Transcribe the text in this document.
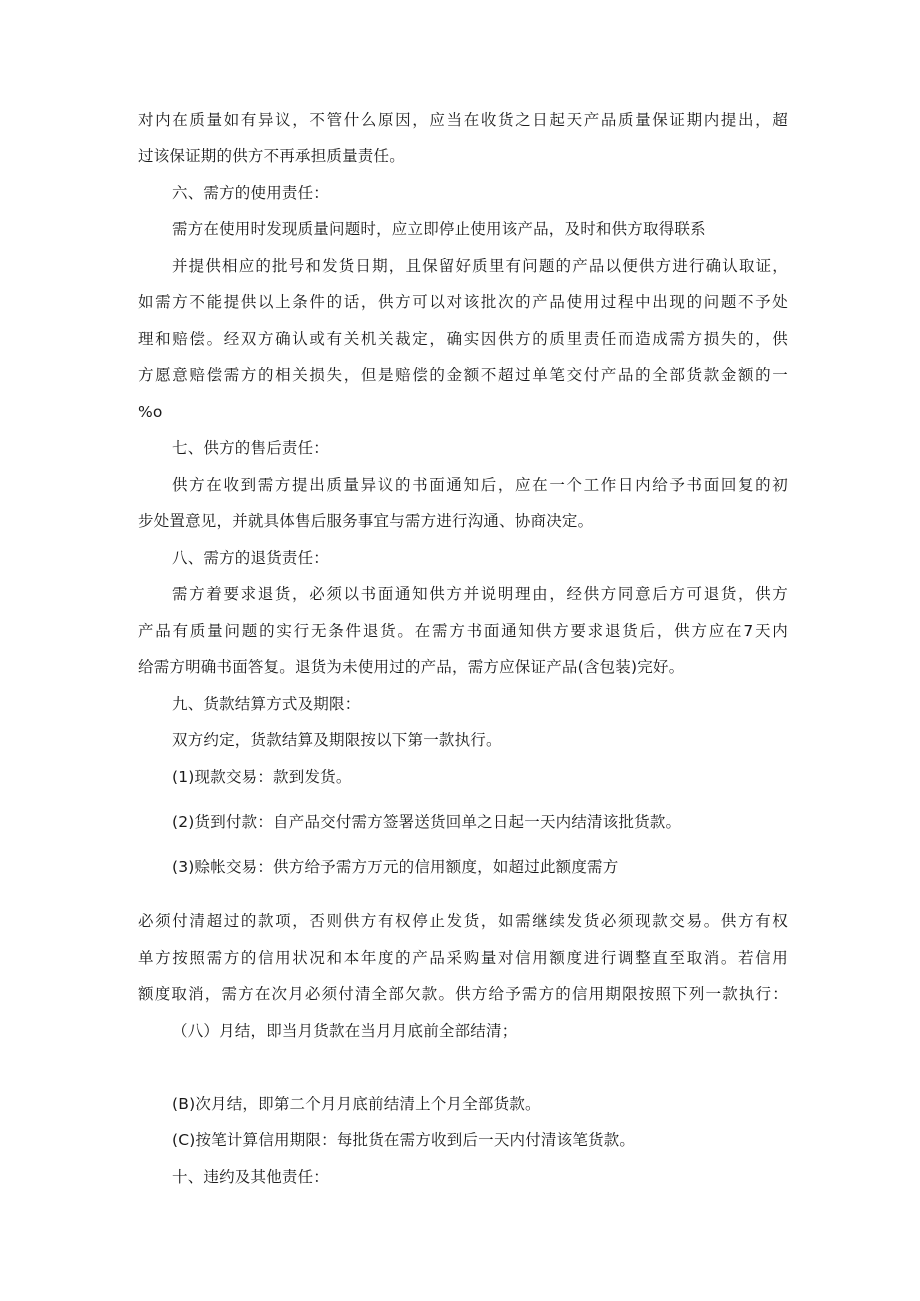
对内在质量如有异议，不管什么原因，应当在收货之日起天产品质量保证期内提出，超
过该保证期的供方不再承担质量责任。
六、需方的使用责任：
需方在使用时发现质量问题时，应立即停止使用该产品，及时和供方取得联系
并提供相应的批号和发货日期，且保留好质里有问题的产品以便供方进行确认取证，
如需方不能提供以上条件的话，供方可以对该批次的产品使用过程中出现的问题不予处
理和赔偿。经双方确认或有关机关裁定，确实因供方的质里责任而造成需方损失的，供
方愿意赔偿需方的相关损失，但是赔偿的金额不超过单笔交付产品的全部货款金额的一
%o
七、供方的售后责任：
供方在收到需方提出质量异议的书面通知后，应在一个工作日内给予书面回复的初
步处置意见，并就具体售后服务事宜与需方进行沟通、协商决定。
八、需方的退货责任：
需方着要求退货，必须以书面通知供方并说明理由，经供方同意后方可退货，供方
产品有质量问题的实行无条件退货。在需方书面通知供方要求退货后，供方应在7天内
给需方明确书面答复。退货为未使用过的产品，需方应保证产品(含包装)完好。
九、货款结算方式及期限：
双方约定，货款结算及期限按以下第一款执行。
(1)现款交易：款到发货。
(2)货到付款：自产品交付需方签署送货回单之日起一天内结清该批货款。
(3)赊帐交易：供方给予需方万元的信用额度，如超过此额度需方
必须付清超过的款项，否则供方有权停止发货，如需继续发货必须现款交易。供方有权
单方按照需方的信用状况和本年度的产品采购量对信用额度进行调整直至取消。若信用
额度取消，需方在次月必须付清全部欠款。供方给予需方的信用期限按照下列一款执行：
（八）月结，即当月货款在当月月底前全部结清；
(B)次月结，即第二个月月底前结清上个月全部货款。
(C)按笔计算信用期限：每批货在需方收到后一天内付清该笔货款。
十、违约及其他责任：
